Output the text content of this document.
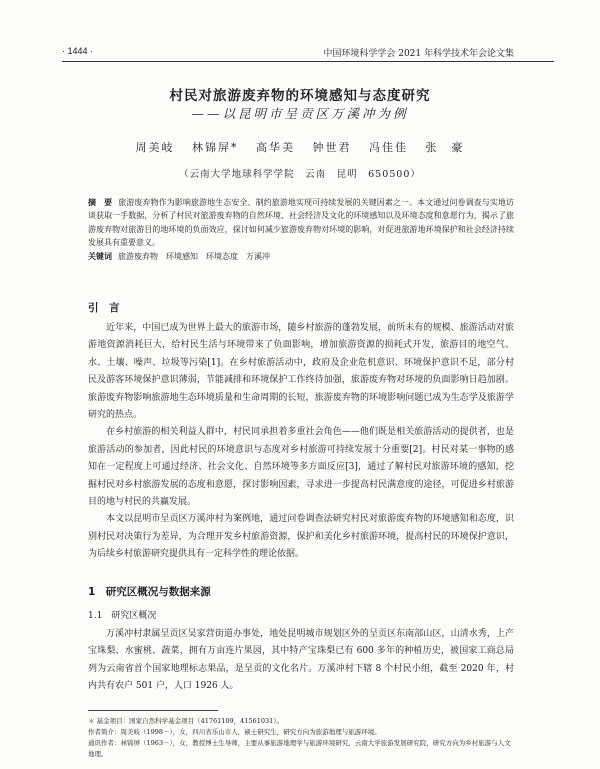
· 1444 ·	中国环境科学学会 2021 年科学技术年会论文集
村民对旅游废弃物的环境感知与态度研究
——以昆明市呈贡区万溪冲为例
周美岐 林锦屏* 高华美 钟世君 冯佳佳 张　豪
（云南大学地球科学学院　云南　昆明　650500）
摘　要 旅游废弃物作为影响旅游地生态安全、制约旅游地实现可持续发展的关键因素之一。本文通过问卷调查与实地访谈获取一手数据，分析了村民对旅游废弃物的自然环境、社会经济及文化的环境感知以及环境态度和意愿行为，揭示了旅游废弃物对旅游目的地环境的负面效应，探讨如何减少旅游废弃物对环境的影响，对促进旅游地环境保护和社会经济持续发展具有重要意义。
关键词 旅游废弃物　环境感知　环境态度　万溪冲
引　言

近年来，中国已成为世界上最大的旅游市场，随乡村旅游的蓬勃发展，前所未有的规模、旅游活动对旅游地资源消耗巨大，给村民生活与环境带来了负面影响，增加旅游资源的损耗式开发，旅游目的地空气、水、土壤、噪声、垃圾等污染[1]。在乡村旅游活动中，政府及企业危机意识、环境保护意识不足，部分村民及游客环境保护意识薄弱，节能减排和环境保护工作终待加强，旅游废弃物对环境的负面影响日趋加剧。旅游废弃物影响旅游地生态环境质量和生命周期的长短，旅游废弃物的环境影响问题已成为生态学及旅游学研究的热点。

在乡村旅游的相关利益人群中，村民同承担着多重社会角色——他们既是相关旅游活动的提供者，也是旅游活动的参加者，因此村民的环境意识与态度对乡村旅游可持续发展十分重要[2]。村民对某一事物的感知在一定程度上可通过经济、社会文化、自然环境等多方面反应[3]，通过了解村民对旅游环境的感知，挖掘村民对乡村旅游发展的态度和意愿，探讨影响因素，寻求进一步提高村民满意度的途径，可促进乡村旅游目的地与村民的共赢发展。

本文以昆明市呈贡区万溪冲村为案例地，通过问卷调查法研究村民对旅游废弃物的环境感知和态度，识别村民对决策行为差异，为合理开发乡村旅游资源，保护和美化乡村旅游环境，提高村民的环境保护意识，为后续乡村旅游研究提供具有一定科学性的理论依据。

1　研究区概况与数据来源
1.1　研究区概况

万溪冲村隶属呈贡区吴家营街道办事处，地处昆明城市规划区外的呈贡区东南部山区，山清水秀，上产宝珠梨、水蜜桃、蔬菜，拥有万亩连片果园，其中特产宝珠梨已有 600 多年的种植历史，被国家工商总局列为云南省首个国家地理标志果品，是呈贡的文化名片。万溪冲村下辖 8 个村民小组，截至 2020 年，村内共有农户 501 户，人口 1926 人。

＊ 基金项目：国家自然科学基金项目（41761109，41561031）。
作者简介：周美岐（1998－），女，四川省乐山市人，硕士研究生，研究方向为旅游地理与旅游环境。
通讯作者：林锦屏（1963－），女，教授博士生导师，主要从事旅游地理学与旅游环境研究，云南大学旅游发展研究院，研究方向为乡村旅游与人文地理。
